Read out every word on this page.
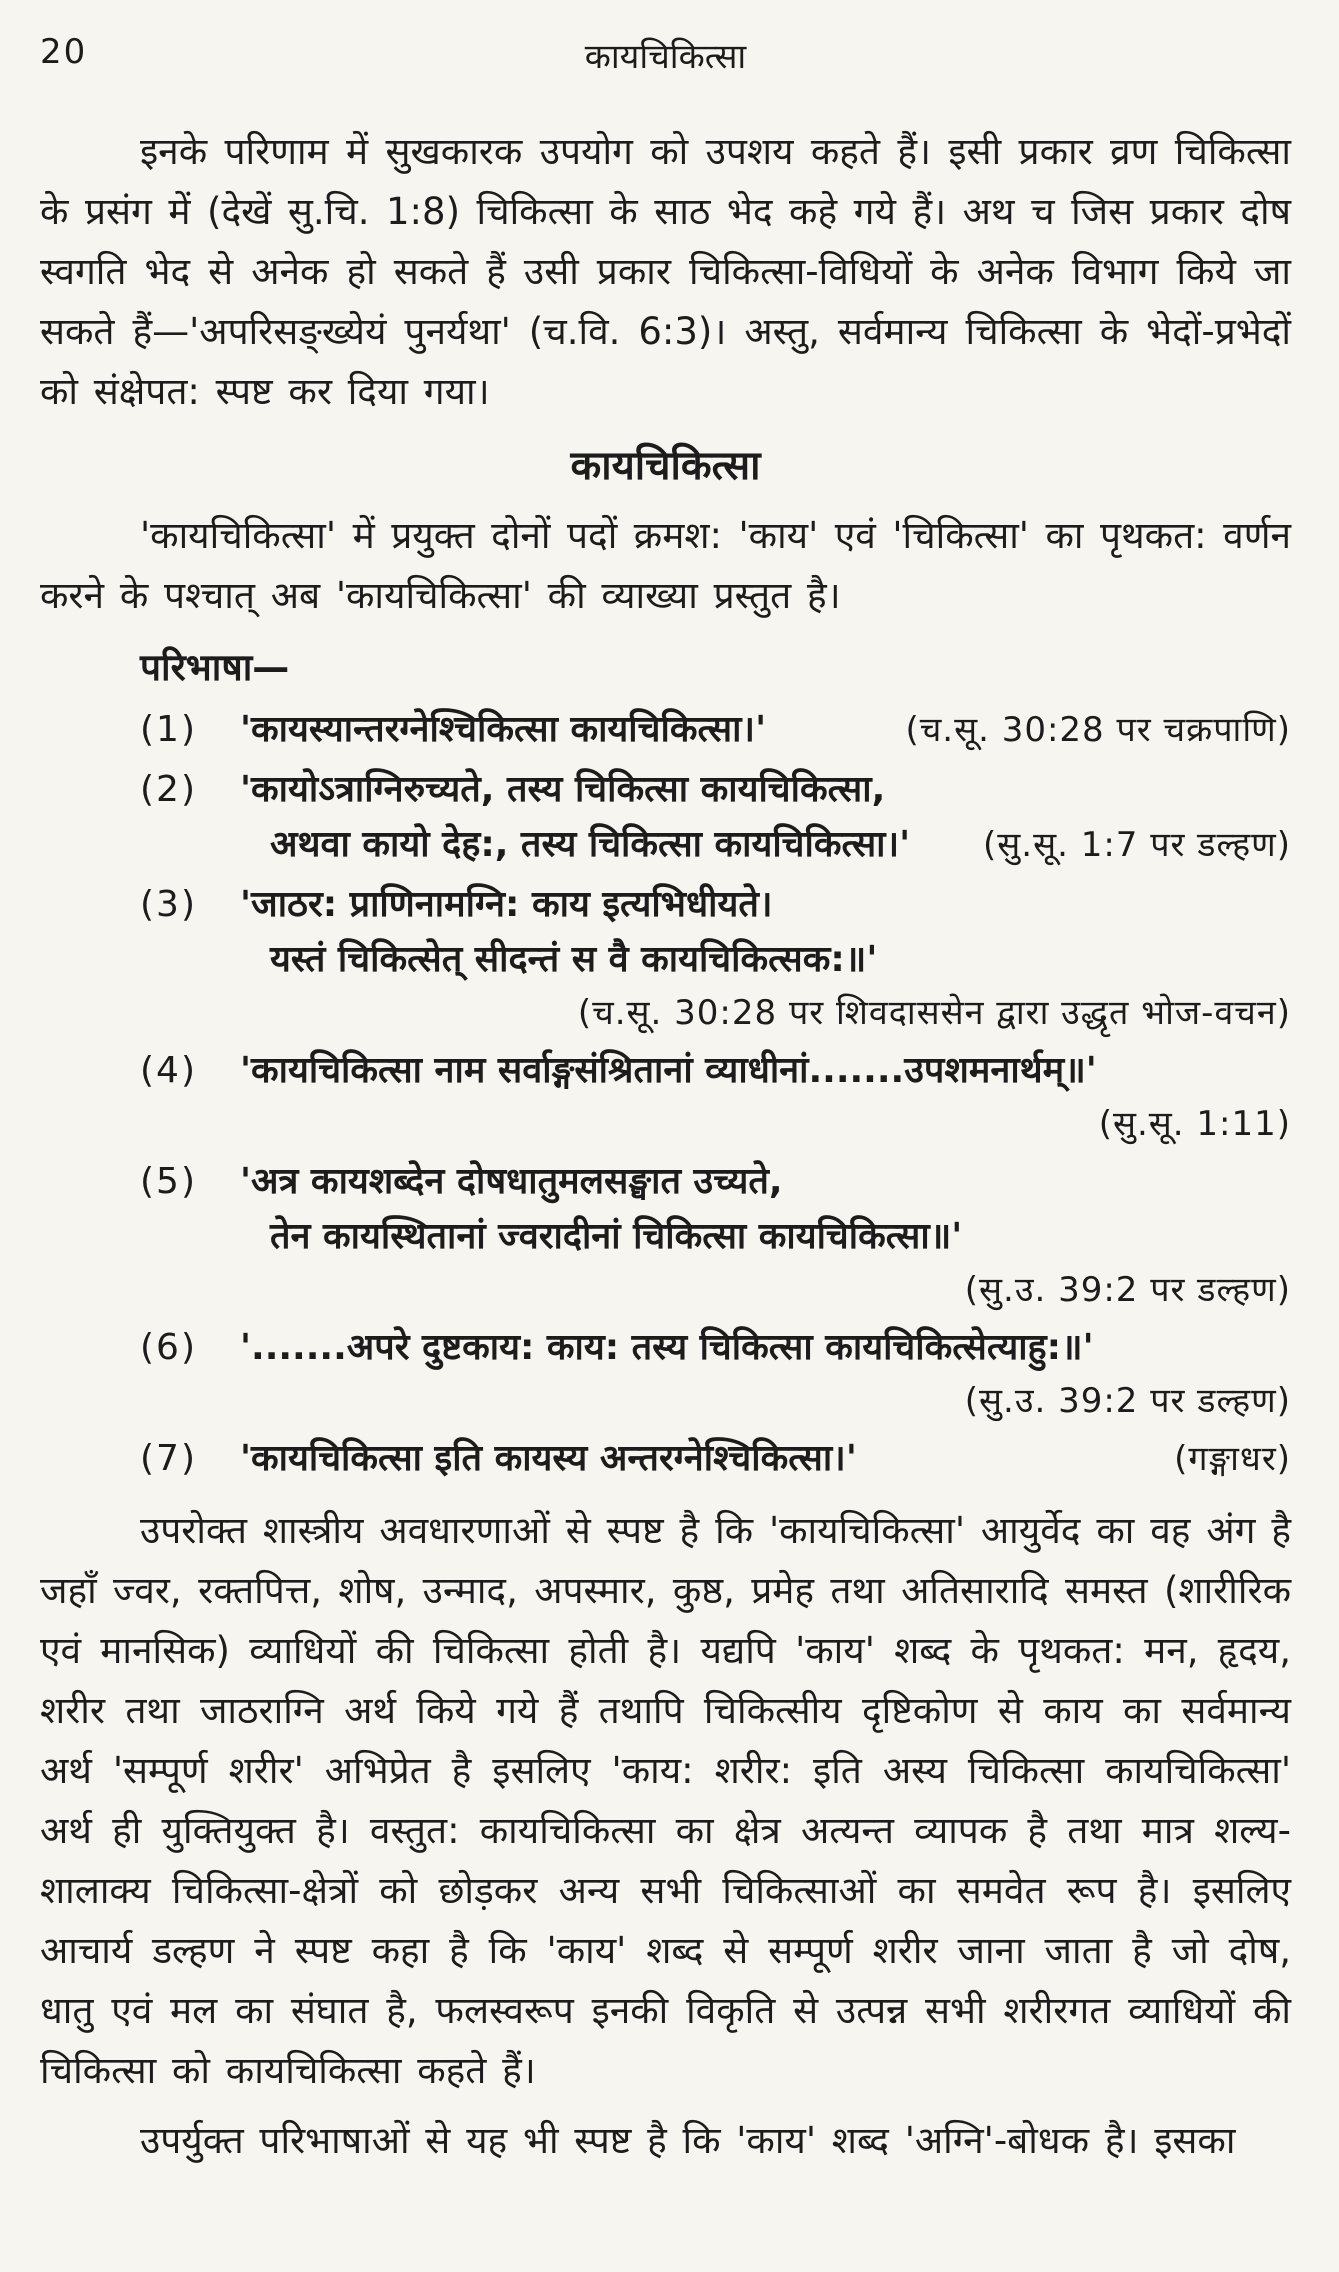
20	कायचिकित्सा

इनके परिणाम में सुखकारक उपयोग को उपशय कहते हैं। इसी प्रकार व्रण चिकित्सा के प्रसंग में (देखें सु.चि. 1:8) चिकित्सा के साठ भेद कहे गये हैं। अथ च जिस प्रकार दोष स्वगति भेद से अनेक हो सकते हैं उसी प्रकार चिकित्सा-विधियों के अनेक विभाग किये जा सकते हैं—'अपरिसङ्ख्येयं पुनर्यथा' (च.वि. 6:3)। अस्तु, सर्वमान्य चिकित्सा के भेदों-प्रभेदों को संक्षेपत: स्पष्ट कर दिया गया।

कायचिकित्सा

'कायचिकित्सा' में प्रयुक्त दोनों पदों क्रमश: 'काय' एवं 'चिकित्सा' का पृथकत: वर्णन करने के पश्चात् अब 'कायचिकित्सा' की व्याख्या प्रस्तुत है।

परिभाषा—
(1)	'कायस्यान्तरग्नेश्चिकित्सा कायचिकित्सा।'	(च.सू. 30:28 पर चक्रपाणि)
(2)	'कायोऽत्राग्निरुच्यते, तस्य चिकित्सा कायचिकित्सा,
अथवा कायो देह:, तस्य चिकित्सा कायचिकित्सा।'	(सु.सू. 1:7 पर डल्हण)
(3)	'जाठर: प्राणिनामग्नि: काय इत्यभिधीयते।
यस्तं चिकित्सेत् सीदन्तं स वै कायचिकित्सक:॥'
(च.सू. 30:28 पर शिवदाससेन द्वारा उद्धृत भोज-वचन)
(4)	'कायचिकित्सा नाम सर्वाङ्गसंश्रितानां व्याधीनां.......उपशमनार्थम्॥'
(सु.सू. 1:11)
(5)	'अत्र कायशब्देन दोषधातुमलसङ्घात उच्यते,
तेन कायस्थितानां ज्वरादीनां चिकित्सा कायचिकित्सा॥'
(सु.उ. 39:2 पर डल्हण)
(6)	'.......अपरे दुष्टकाय: काय: तस्य चिकित्सा कायचिकित्सेत्याहु:॥'
(सु.उ. 39:2 पर डल्हण)
(7)	'कायचिकित्सा इति कायस्य अन्तरग्नेश्चिकित्सा।'	(गङ्गाधर)

उपरोक्त शास्त्रीय अवधारणाओं से स्पष्ट है कि 'कायचिकित्सा' आयुर्वेद का वह अंग है जहाँ ज्वर, रक्तपित्त, शोष, उन्माद, अपस्मार, कुष्ठ, प्रमेह तथा अतिसारादि समस्त (शारीरिक एवं मानसिक) व्याधियों की चिकित्सा होती है। यद्यपि 'काय' शब्द के पृथकत: मन, हृदय, शरीर तथा जाठराग्नि अर्थ किये गये हैं तथापि चिकित्सीय दृष्टिकोण से काय का सर्वमान्य अर्थ 'सम्पूर्ण शरीर' अभिप्रेत है इसलिए 'काय: शरीर: इति अस्य चिकित्सा कायचिकित्सा' अर्थ ही युक्तियुक्त है। वस्तुत: कायचिकित्सा का क्षेत्र अत्यन्त व्यापक है तथा मात्र शल्य-शालाक्य चिकित्सा-क्षेत्रों को छोड़कर अन्य सभी चिकित्साओं का समवेत रूप है। इसलिए आचार्य डल्हण ने स्पष्ट कहा है कि 'काय' शब्द से सम्पूर्ण शरीर जाना जाता है जो दोष, धातु एवं मल का संघात है, फलस्वरूप इनकी विकृति से उत्पन्न सभी शरीरगत व्याधियों की चिकित्सा को कायचिकित्सा कहते हैं।

उपर्युक्त परिभाषाओं से यह भी स्पष्ट है कि 'काय' शब्द 'अग्नि'-बोधक है। इसका
